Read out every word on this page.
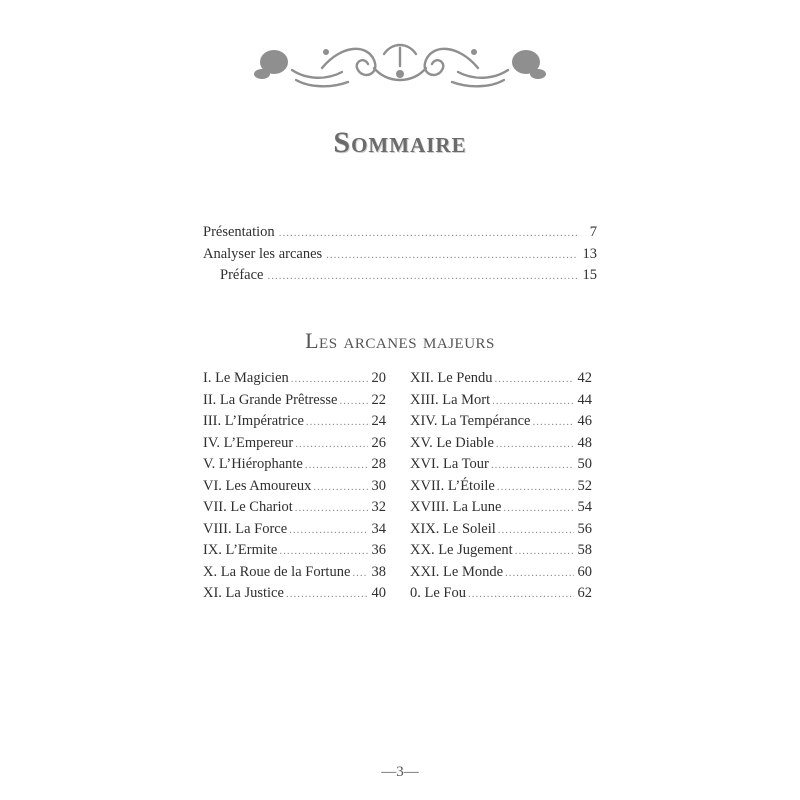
Sommaire
Présentation .....	7
Analyser les arcanes .....	13
Préface .....	15
Les arcanes majeurs
I. Le Magicien .....	20
II. La Grande Prêtresse ..... 22
III. L’Impératrice .....	24
IV. L’Empereur .....	26
V. L’Hiérophante .....	28
VI. Les Amoureux .....	30
VII. Le Chariot .....	32
VIII. La Force .....	34
IX. L’Ermite .....	36
X. La Roue de la Fortune ..... 38
XI. La Justice .....	40
XII. Le Pendu .....	42
XIII. La Mort .....	44
XIV. La Tempérance .....	46
XV. Le Diable .....	48
XVI. La Tour .....	50
XVII. L’Étoile .....	52
XVIII. La Lune .....	54
XIX. Le Soleil .....	56
XX. Le Jugement .....	58
XXI. Le Monde .....	60
0. Le Fou .....	62
—3—
